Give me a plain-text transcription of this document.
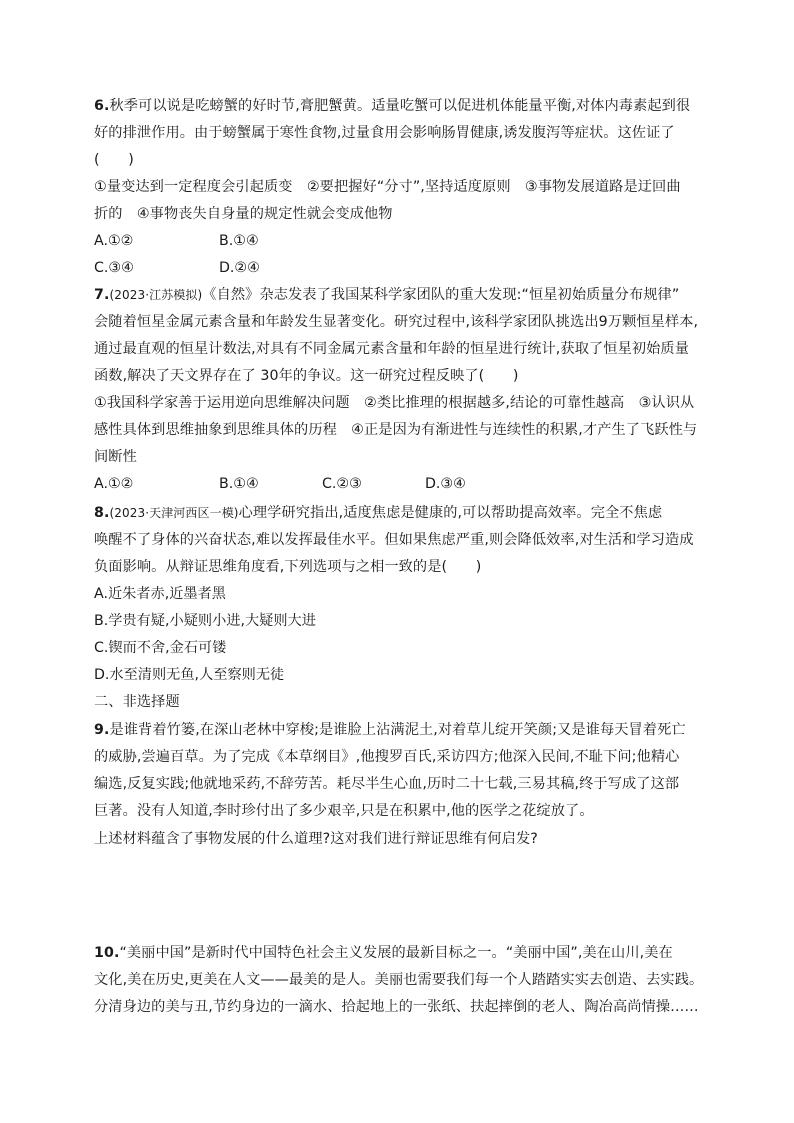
6.秋季可以说是吃螃蟹的好时节,膏肥蟹黄。适量吃蟹可以促进机体能量平衡,对体内毒素起到很
好的排泄作用。由于螃蟹属于寒性食物,过量食用会影响肠胃健康,诱发腹泻等症状。这佐证了
(　　)
①量变达到一定程度会引起质变　②要把握好“分寸”,坚持适度原则　③事物发展道路是迂回曲
折的　④事物丧失自身量的规定性就会变成他物
A.①②	B.①④
C.③④	D.②④
7.(2023·江苏模拟)《自然》杂志发表了我国某科学家团队的重大发现:“恒星初始质量分布规律”
会随着恒星金属元素含量和年龄发生显著变化。研究过程中,该科学家团队挑选出9万颗恒星样本,
通过最直观的恒星计数法,对具有不同金属元素含量和年龄的恒星进行统计,获取了恒星初始质量
函数,解决了天文界存在了 30年的争议。这一研究过程反映了(　　)
①我国科学家善于运用逆向思维解决问题　②类比推理的根据越多,结论的可靠性越高　③认识从
感性具体到思维抽象到思维具体的历程　④正是因为有渐进性与连续性的积累,才产生了飞跃性与
间断性
A.①②	B.①④	C.②③	D.③④
8.(2023·天津河西区一模)心理学研究指出,适度焦虑是健康的,可以帮助提高效率。完全不焦虑
唤醒不了身体的兴奋状态,难以发挥最佳水平。但如果焦虑严重,则会降低效率,对生活和学习造成
负面影响。从辩证思维角度看,下列选项与之相一致的是(　　)
A.近朱者赤,近墨者黑
B.学贵有疑,小疑则小进,大疑则大进
C.锲而不舍,金石可镂
D.水至清则无鱼,人至察则无徒
二、非选择题
9.是谁背着竹篓,在深山老林中穿梭;是谁脸上沾满泥土,对着草儿绽开笑颜;又是谁每天冒着死亡
的威胁,尝遍百草。为了完成《本草纲目》,他搜罗百氏,采访四方;他深入民间,不耻下问;他精心
编选,反复实践;他就地采药,不辞劳苦。耗尽半生心血,历时二十七载,三易其稿,终于写成了这部
巨著。没有人知道,李时珍付出了多少艰辛,只是在积累中,他的医学之花绽放了。
上述材料蕴含了事物发展的什么道理?这对我们进行辩证思维有何启发?
10.“美丽中国”是新时代中国特色社会主义发展的最新目标之一。“美丽中国”,美在山川,美在
文化,美在历史,更美在人文——最美的是人。美丽也需要我们每一个人踏踏实实去创造、去实践。
分清身边的美与丑,节约身边的一滴水、拾起地上的一张纸、扶起摔倒的老人、陶冶高尚情操……
